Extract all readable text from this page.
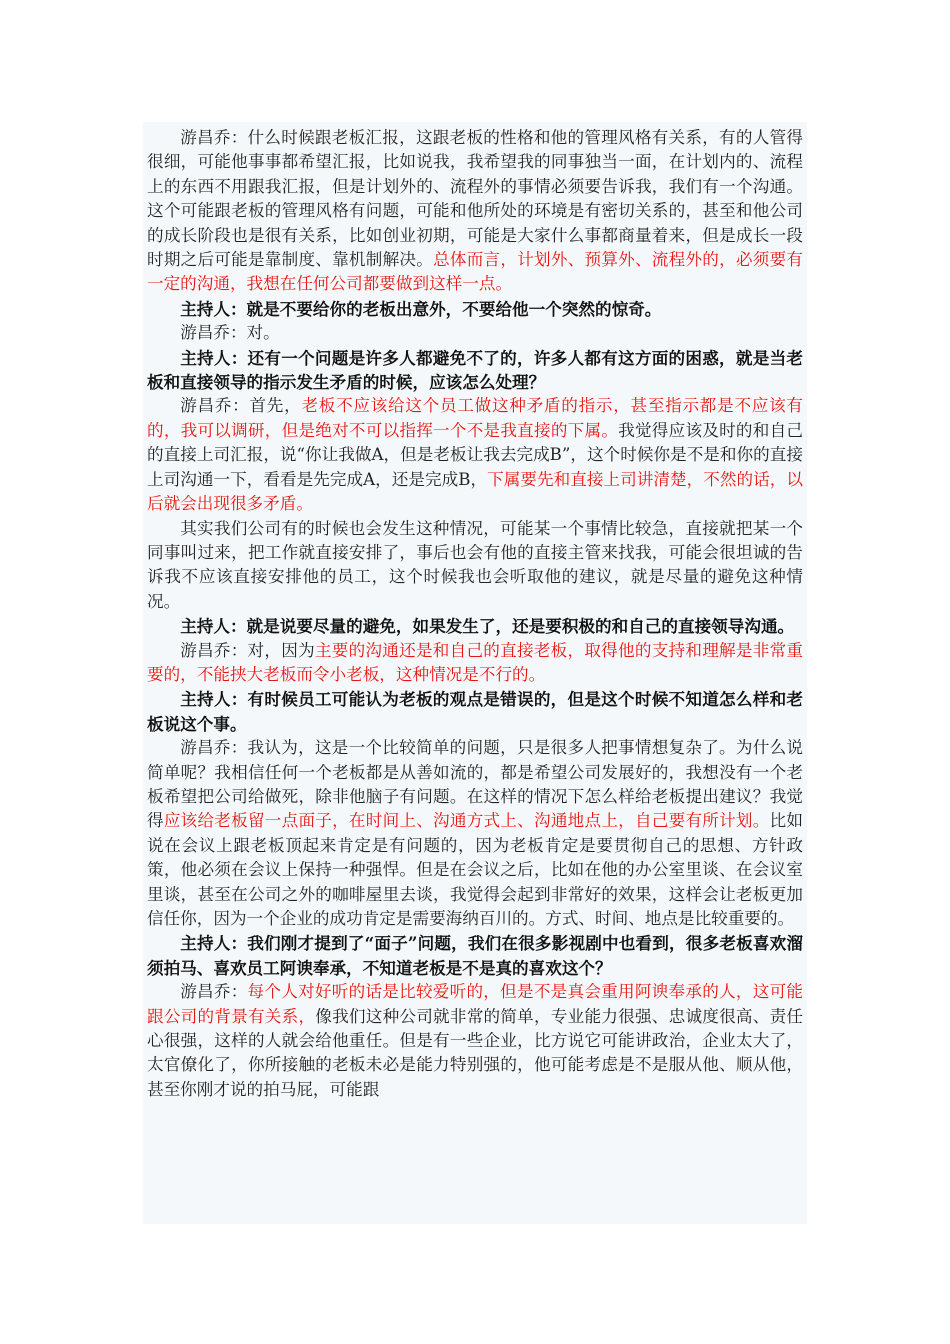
游昌乔：什么时候跟老板汇报，这跟老板的性格和他的管理风格有关系，有的人管得很细，可能他事事都希望汇报，比如说我，我希望我的同事独当一面，在计划内的、流程上的东西不用跟我汇报，但是计划外的、流程外的事情必须要告诉我，我们有一个沟通。这个可能跟老板的管理风格有问题，可能和他所处的环境是有密切关系的，甚至和他公司的成长阶段也是很有关系，比如创业初期，可能是大家什么事都商量着来，但是成长一段时期之后可能是靠制度、靠机制解决。总体而言，计划外、预算外、流程外的，必须要有一定的沟通，我想在任何公司都要做到这样一点。

主持人：就是不要给你的老板出意外，不要给他一个突然的惊奇。

游昌乔：对。

主持人：还有一个问题是许多人都避免不了的，许多人都有这方面的困惑，就是当老板和直接领导的指示发生矛盾的时候，应该怎么处理？

游昌乔：首先，老板不应该给这个员工做这种矛盾的指示，甚至指示都是不应该有的，我可以调研，但是绝对不可以指挥一个不是我直接的下属。我觉得应该及时的和自己的直接上司汇报，说“你让我做A，但是老板让我去完成B”，这个时候你是不是和你的直接上司沟通一下，看看是先完成A，还是完成B，下属要先和直接上司讲清楚，不然的话，以后就会出现很多矛盾。

其实我们公司有的时候也会发生这种情况，可能某一个事情比较急，直接就把某一个同事叫过来，把工作就直接安排了，事后也会有他的直接主管来找我，可能会很坦诚的告诉我不应该直接安排他的员工，这个时候我也会听取他的建议，就是尽量的避免这种情况。

主持人：就是说要尽量的避免，如果发生了，还是要积极的和自己的直接领导沟通。

游昌乔：对，因为主要的沟通还是和自己的直接老板，取得他的支持和理解是非常重要的，不能挟大老板而令小老板，这种情况是不行的。

主持人：有时候员工可能认为老板的观点是错误的，但是这个时候不知道怎么样和老板说这个事。

游昌乔：我认为，这是一个比较简单的问题，只是很多人把事情想复杂了。为什么说简单呢？我相信任何一个老板都是从善如流的，都是希望公司发展好的，我想没有一个老板希望把公司给做死，除非他脑子有问题。在这样的情况下怎么样给老板提出建议？我觉得应该给老板留一点面子，在时间上、沟通方式上、沟通地点上，自己要有所计划。比如说在会议上跟老板顶起来肯定是有问题的，因为老板肯定是要贯彻自己的思想、方针政策，他必须在会议上保持一种强悍。但是在会议之后，比如在他的办公室里谈、在会议室里谈，甚至在公司之外的咖啡屋里去谈，我觉得会起到非常好的效果，这样会让老板更加信任你，因为一个企业的成功肯定是需要海纳百川的。方式、时间、地点是比较重要的。

主持人：我们刚才提到了“面子”问题，我们在很多影视剧中也看到，很多老板喜欢溜须拍马、喜欢员工阿谀奉承，不知道老板是不是真的喜欢这个？

游昌乔：每个人对好听的话是比较爱听的，但是不是真会重用阿谀奉承的人，这可能跟公司的背景有关系，像我们这种公司就非常的简单，专业能力很强、忠诚度很高、责任心很强，这样的人就会给他重任。但是有一些企业，比方说它可能讲政治，企业太大了，太官僚化了，你所接触的老板未必是能力特别强的，他可能考虑是不是服从他、顺从他，甚至你刚才说的拍马屁，可能跟
